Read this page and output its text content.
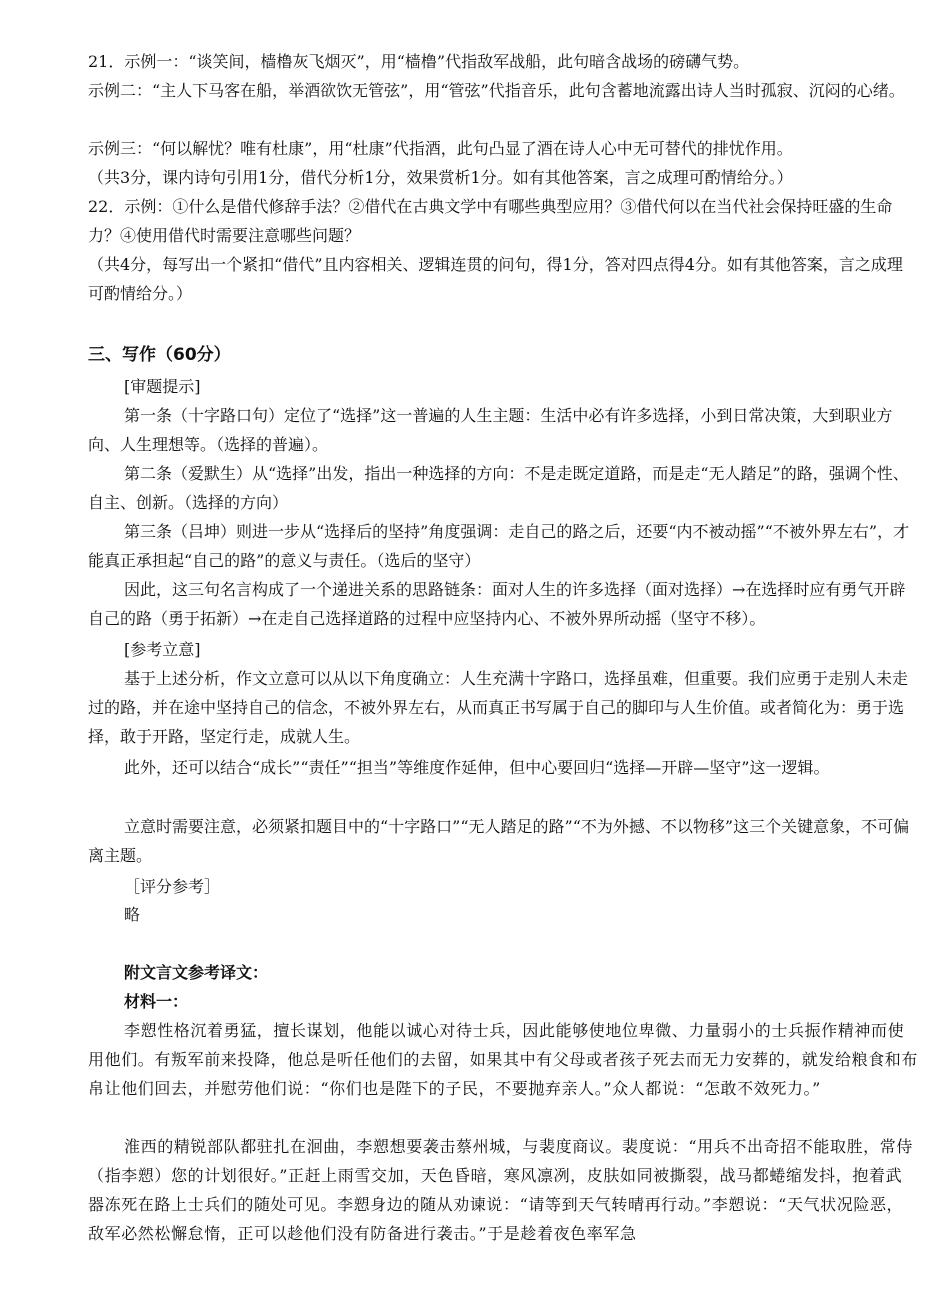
21．示例一：“谈笑间，樯橹灰飞烟灭”，用“樯橹”代指敌军战船，此句暗含战场的磅礴气势。

示例二：“主人下马客在船，举酒欲饮无管弦”，用“管弦”代指音乐，此句含蓄地流露出诗人当时孤寂、沉闷的心绪。

示例三：“何以解忧？唯有杜康”，用“杜康”代指酒，此句凸显了酒在诗人心中无可替代的排忧作用。

（共3分，课内诗句引用1分，借代分析1分，效果赏析1分。如有其他答案，言之成理可酌情给分。）

22．示例：①什么是借代修辞手法？②借代在古典文学中有哪些典型应用？③借代何以在当代社会保持旺盛的生命力？④使用借代时需要注意哪些问题？

（共4分，每写出一个紧扣“借代”且内容相关、逻辑连贯的问句，得1分，答对四点得4分。如有其他答案，言之成理可酌情给分。）

三、写作（60分）

[审题提示]

第一条（十字路口句）定位了“选择”这一普遍的人生主题：生活中必有许多选择，小到日常决策，大到职业方向、人生理想等。（选择的普遍）。

第二条（爱默生）从“选择”出发，指出一种选择的方向：不是走既定道路，而是走“无人踏足”的路，强调个性、自主、创新。（选择的方向）

第三条（吕坤）则进一步从“选择后的坚持”角度强调：走自己的路之后，还要“内不被动摇”“不被外界左右”，才能真正承担起“自己的路”的意义与责任。（选后的坚守）

因此，这三句名言构成了一个递进关系的思路链条：面对人生的许多选择（面对选择）→在选择时应有勇气开辟自己的路（勇于拓新）→在走自己选择道路的过程中应坚持内心、不被外界所动摇（坚守不移）。

[参考立意]

基于上述分析，作文立意可以从以下角度确立：人生充满十字路口，选择虽难，但重要。我们应勇于走别人未走过的路，并在途中坚持自己的信念，不被外界左右，从而真正书写属于自己的脚印与人生价值。或者简化为：勇于选择，敢于开路，坚定行走，成就人生。

此外，还可以结合“成长”“责任”“担当”等维度作延伸，但中心要回归“选择—开辟—坚守”这一逻辑。

立意时需要注意，必须紧扣题目中的“十字路口”“无人踏足的路”“不为外撼、不以物移”这三个关键意象，不可偏离主题。

［评分参考］

略

附文言文参考译文：

材料一：

李愬性格沉着勇猛，擅长谋划，他能以诚心对待士兵，因此能够使地位卑微、力量弱小的士兵振作精神而使用他们。有叛军前来投降，他总是听任他们的去留，如果其中有父母或者孩子死去而无力安葬的，就发给粮食和布帛让他们回去，并慰劳他们说：“你们也是陛下的子民，不要抛弃亲人。”众人都说：“怎敢不效死力。”

淮西的精锐部队都驻扎在洄曲，李愬想要袭击蔡州城，与裴度商议。裴度说：“用兵不出奇招不能取胜，常侍（指李愬）您的计划很好。”正赶上雨雪交加，天色昏暗，寒风凛冽，皮肤如同被撕裂，战马都蜷缩发抖，抱着武器冻死在路上士兵们的随处可见。李愬身边的随从劝谏说：“请等到天气转晴再行动。”李愬说：“天气状况险恶，敌军必然松懈怠惰，正可以趁他们没有防备进行袭击。”于是趁着夜色率军急
